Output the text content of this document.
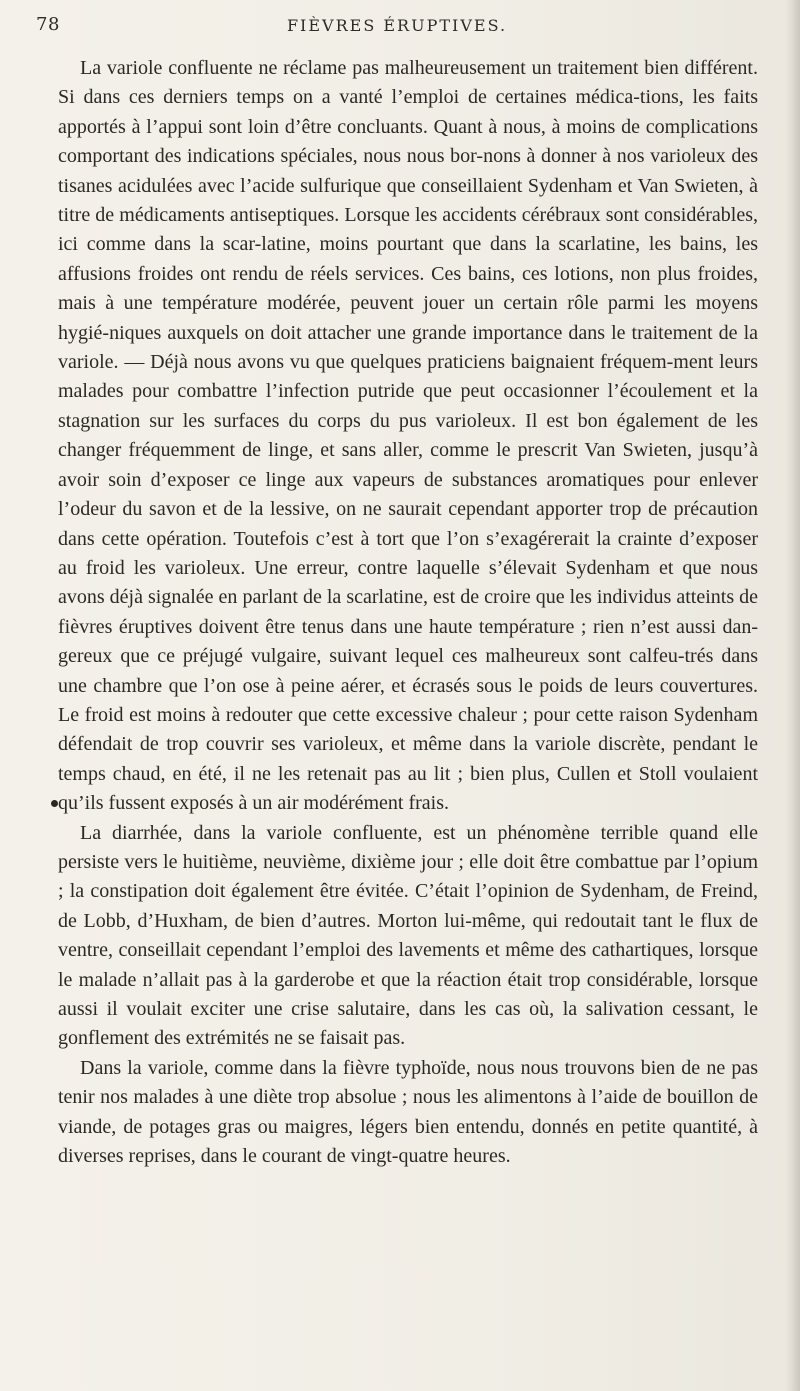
78	FIÈVRES ÉRUPTIVES.

La variole confluente ne réclame pas malheureusement un traitement bien différent. Si dans ces derniers temps on a vanté l’emploi de certaines médica-tions, les faits apportés à l’appui sont loin d’être concluants. Quant à nous, à moins de complications comportant des indications spéciales, nous nous bor-nons à donner à nos varioleux des tisanes acidulées avec l’acide sulfurique que conseillaient Sydenham et Van Swieten, à titre de médicaments antiseptiques. Lorsque les accidents cérébraux sont considérables, ici comme dans la scar-latine, moins pourtant que dans la scarlatine, les bains, les affusions froides ont rendu de réels services. Ces bains, ces lotions, non plus froides, mais à une température modérée, peuvent jouer un certain rôle parmi les moyens hygié-niques auxquels on doit attacher une grande importance dans le traitement de la variole. — Déjà nous avons vu que quelques praticiens baignaient fréquem-ment leurs malades pour combattre l’infection putride que peut occasionner l’écoulement et la stagnation sur les surfaces du corps du pus varioleux. Il est bon également de les changer fréquemment de linge, et sans aller, comme le prescrit Van Swieten, jusqu’à avoir soin d’exposer ce linge aux vapeurs de substances aromatiques pour enlever l’odeur du savon et de la lessive, on ne saurait cependant apporter trop de précaution dans cette opération. Toutefois c’est à tort que l’on s’exagérerait la crainte d’exposer au froid les varioleux. Une erreur, contre laquelle s’élevait Sydenham et que nous avons déjà signalée en parlant de la scarlatine, est de croire que les individus atteints de fièvres éruptives doivent être tenus dans une haute température ; rien n’est aussi dan-gereux que ce préjugé vulgaire, suivant lequel ces malheureux sont calfeu-trés dans une chambre que l’on ose à peine aérer, et écrasés sous le poids de leurs couvertures. Le froid est moins à redouter que cette excessive chaleur ; pour cette raison Sydenham défendait de trop couvrir ses varioleux, et même dans la variole discrète, pendant le temps chaud, en été, il ne les retenait pas au lit ; bien plus, Cullen et Stoll voulaient qu’ils fussent exposés à un air modérément frais.

La diarrhée, dans la variole confluente, est un phénomène terrible quand elle persiste vers le huitième, neuvième, dixième jour ; elle doit être combattue par l’opium ; la constipation doit également être évitée. C’était l’opinion de Sydenham, de Freind, de Lobb, d’Huxham, de bien d’autres. Morton lui-même, qui redoutait tant le flux de ventre, conseillait cependant l’emploi des lavements et même des cathartiques, lorsque le malade n’allait pas à la garderobe et que la réaction était trop considérable, lorsque aussi il voulait exciter une crise salutaire, dans les cas où, la salivation cessant, le gonflement des extrémités ne se faisait pas.

Dans la variole, comme dans la fièvre typhoïde, nous nous trouvons bien de ne pas tenir nos malades à une diète trop absolue ; nous les alimentons à l’aide de bouillon de viande, de potages gras ou maigres, légers bien entendu, donnés en petite quantité, à diverses reprises, dans le courant de vingt-quatre heures.
